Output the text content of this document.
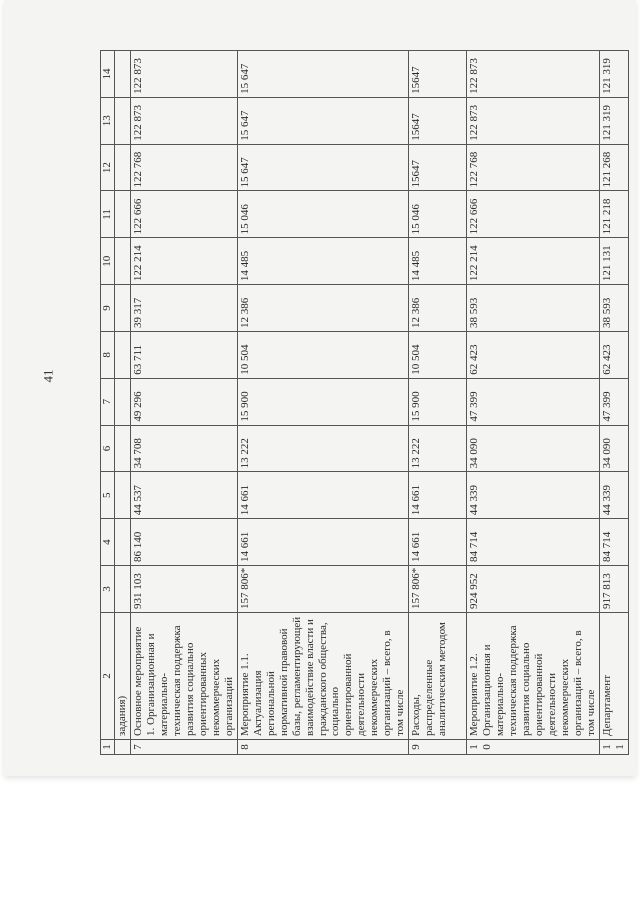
41
1	2	3	4	5	6	7	8	9	10	11	12	13	14
	задания)												
7	Основное мероприятие 1. Организационная и материально-техническая поддержка развития социально ориентированных некоммерческих организаций	931 103	86 140	44 537	34 708	49 296	63 711	39 317	122 214	122 666	122 768	122 873	122 873
8	Мероприятие 1.1. Актуализация региональной нормативной правовой базы, регламентирующей взаимодействие власти и гражданского общества, социально ориентированной деятельности некоммерческих организаций – всего, в том числе	157 806*	14 661	14 661	13 222	15 900	10 504	12 386	14 485	15 046	15 647	15 647	15 647
9	Расходы, распределенные аналитическим методом	157 806*	14 661	14 661	13 222	15 900	10 504	12 386	14 485	15 046	15647	15647	15647
10	Мероприятие 1.2. Организационная и материально-техническая поддержка развития социально ориентированной деятельности некоммерческих организаций – всего, в том числе	924 952	84 714	44 339	34 090	47 399	62 423	38 593	122 214	122 666	122 768	122 873	122 873
11	Департамент	917 813	84 714	44 339	34 090	47 399	62 423	38 593	121 131	121 218	121 268	121 319	121 319
